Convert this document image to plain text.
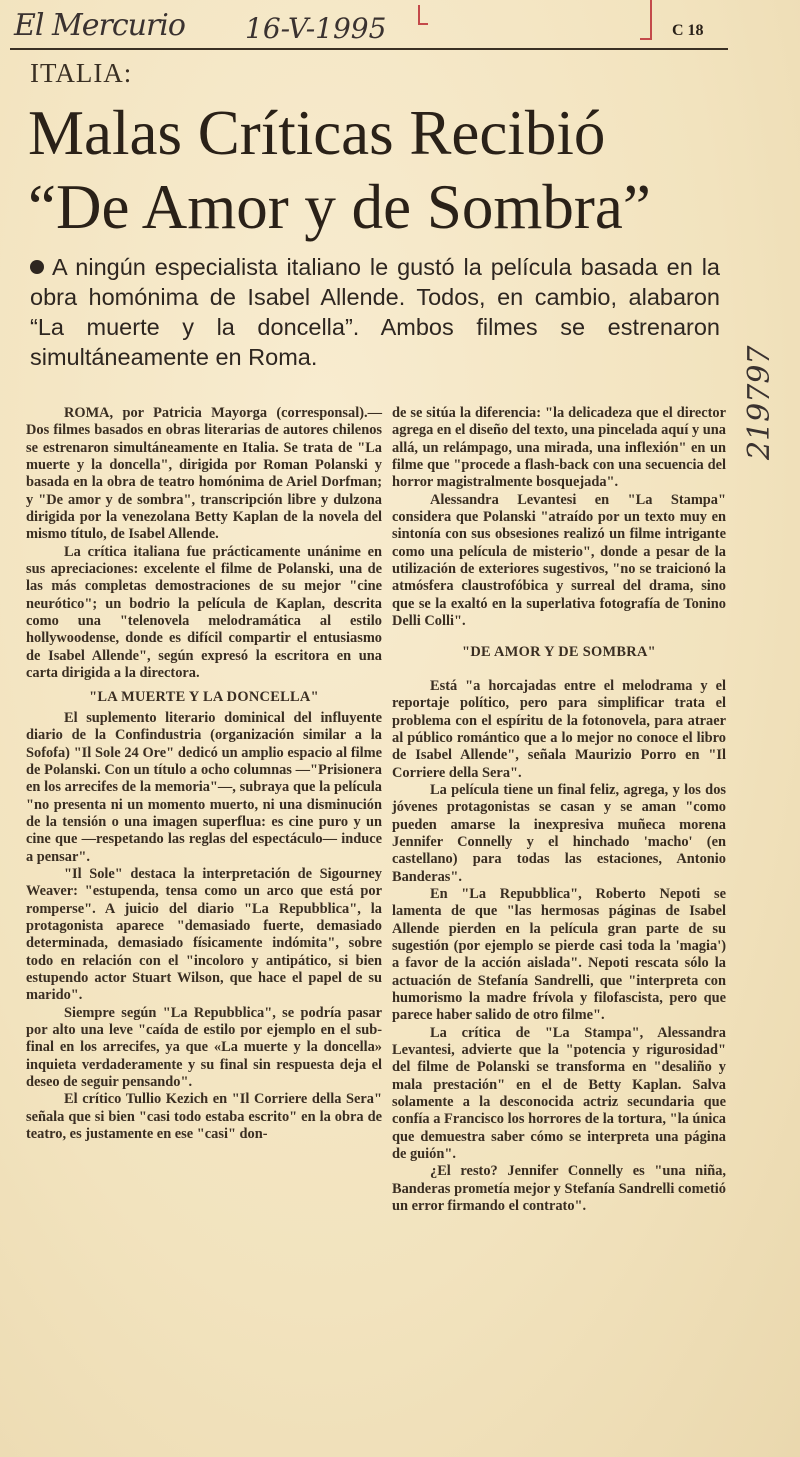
El Mercurio 16-V-1995
219797
C 18
ITALIA:
Malas Críticas Recibió
“De Amor y de Sombra”
A ningún especialista italiano le gustó la película basada en la obra homónima de Isabel Allende. Todos, en cambio, alabaron “La muerte y la doncella”. Ambos filmes se estrenaron simultáneamente en Roma.

ROMA, por Patricia Mayorga (corresponsal).— Dos filmes basados en obras literarias de autores chilenos se estrenaron simultáneamente en Italia. Se trata de "La muerte y la doncella", dirigida por Roman Polanski y basada en la obra de teatro homónima de Ariel Dorfman; y "De amor y de sombra", transcripción libre y dulzona dirigida por la venezolana Betty Kaplan de la novela del mismo título, de Isabel Allende.

La crítica italiana fue prácticamente unánime en sus apreciaciones: excelente el filme de Polanski, una de las más completas demostraciones de su mejor "cine neurótico"; un bodrio la película de Kaplan, descrita como una "telenovela melodramática al estilo hollywoodense, donde es difícil compartir el entusiasmo de Isabel Allende", según expresó la escritora en una carta dirigida a la directora.

"LA MUERTE Y LA DONCELLA"

El suplemento literario dominical del influyente diario de la Confindustria (organización similar a la Sofofa) "Il Sole 24 Ore" dedicó un amplio espacio al filme de Polanski. Con un título a ocho columnas —"Prisionera en los arrecifes de la memoria"—, subraya que la película "no presenta ni un momento muerto, ni una disminución de la tensión o una imagen superflua: es cine puro y un cine que —respetando las reglas del espectáculo— induce a pensar".

"Il Sole" destaca la interpretación de Sigourney Weaver: "estupenda, tensa como un arco que está por romperse". A juicio del diario "La Repubblica", la protagonista aparece "demasiado fuerte, demasiado determinada, demasiado físicamente indómita", sobre todo en relación con el "incoloro y antipático, si bien estupendo actor Stuart Wilson, que hace el papel de su marido".

Siempre según "La Repubblica", se podría pasar por alto una leve "caída de estilo por ejemplo en el sub-final en los arrecifes, ya que «La muerte y la doncella» inquieta verdaderamente y su final sin respuesta deja el deseo de seguir pensando".

El crítico Tullio Kezich en "Il Corriere della Sera" señala que si bien "casi todo estaba escrito" en la obra de teatro, es justamente en ese "casi" don-

de se sitúa la diferencia: "la delicadeza que el director agrega en el diseño del texto, una pincelada aquí y una allá, un relámpago, una mirada, una inflexión" en un filme que "procede a flash-back con una secuencia del horror magistralmente bosquejada".

Alessandra Levantesi en "La Stampa" considera que Polanski "atraído por un texto muy en sintonía con sus obsesiones realizó un filme intrigante como una película de misterio", donde a pesar de la utilización de exteriores sugestivos, "no se traicionó la atmósfera claustrofóbica y surreal del drama, sino que se la exaltó en la superlativa fotografía de Tonino Delli Colli".

"DE AMOR Y DE SOMBRA"

Está "a horcajadas entre el melodrama y el reportaje político, pero para simplificar trata el problema con el espíritu de la fotonovela, para atraer al público romántico que a lo mejor no conoce el libro de Isabel Allende", señala Maurizio Porro en "Il Corriere della Sera".

La película tiene un final feliz, agrega, y los dos jóvenes protagonistas se casan y se aman "como pueden amarse la inexpresiva muñeca morena Jennifer Connelly y el hinchado 'macho' (en castellano) para todas las estaciones, Antonio Banderas".

En "La Repubblica", Roberto Nepoti se lamenta de que "las hermosas páginas de Isabel Allende pierden en la película gran parte de su sugestión (por ejemplo se pierde casi toda la 'magia') a favor de la acción aislada". Nepoti rescata sólo la actuación de Stefanía Sandrelli, que "interpreta con humorismo la madre frívola y filofascista, pero que parece haber salido de otro filme".

La crítica de "La Stampa", Alessandra Levantesi, advierte que la "potencia y rigurosidad" del filme de Polanski se transforma en "desaliño y mala prestación" en el de Betty Kaplan. Salva solamente a la desconocida actriz secundaria que confía a Francisco los horrores de la tortura, "la única que demuestra saber cómo se interpreta una página de guión".

¿El resto? Jennifer Connelly es "una niña, Banderas prometía mejor y Stefanía Sandrelli cometió un error firmando el contrato".
